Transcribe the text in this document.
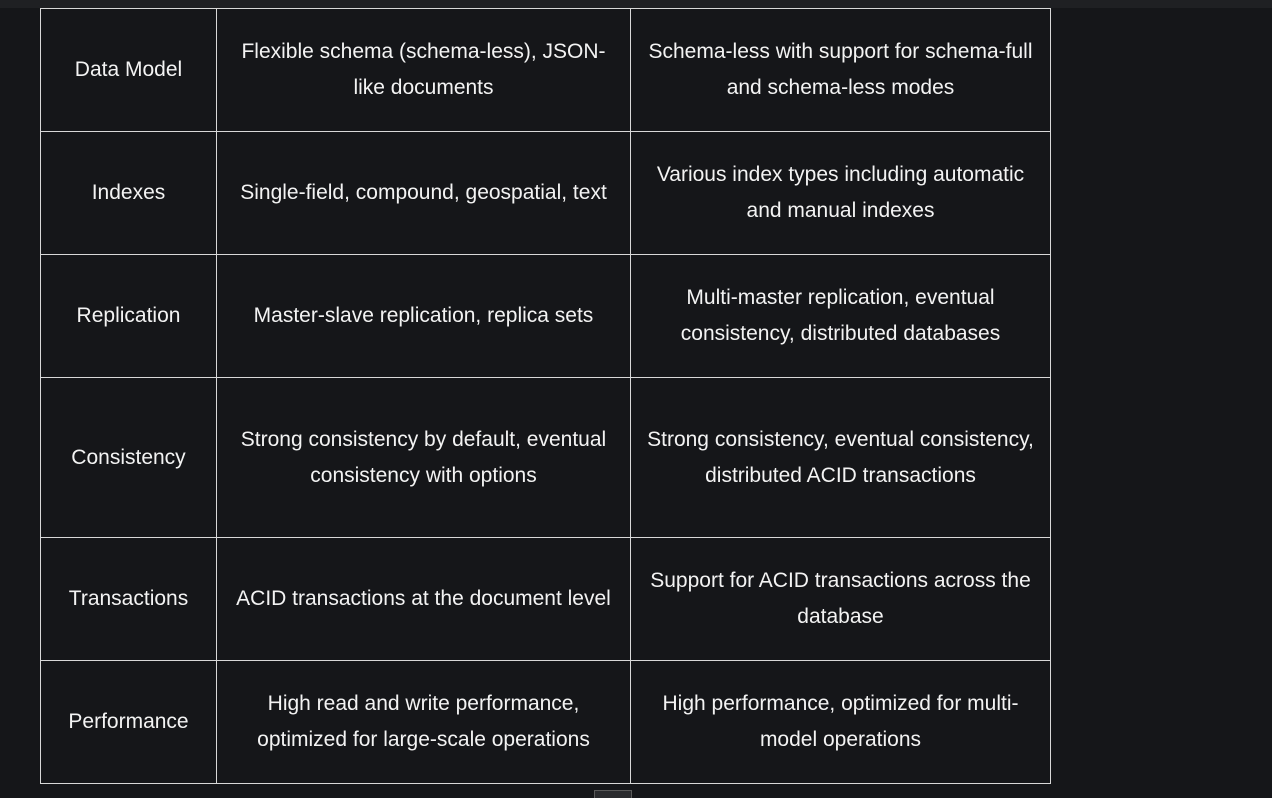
Data Model	Flexible schema (schema-less), JSON-like documents	Schema-less with support for schema-full and schema-less modes
Indexes	Single-field, compound, geospatial, text	Various index types including automatic and manual indexes
Replication	Master-slave replication, replica sets	Multi-master replication, eventual consistency, distributed databases
Consistency	Strong consistency by default, eventual consistency with options	Strong consistency, eventual consistency, distributed ACID transactions
Transactions	ACID transactions at the document level	Support for ACID transactions across the database
Performance	High read and write performance, optimized for large-scale operations	High performance, optimized for multi-model operations
